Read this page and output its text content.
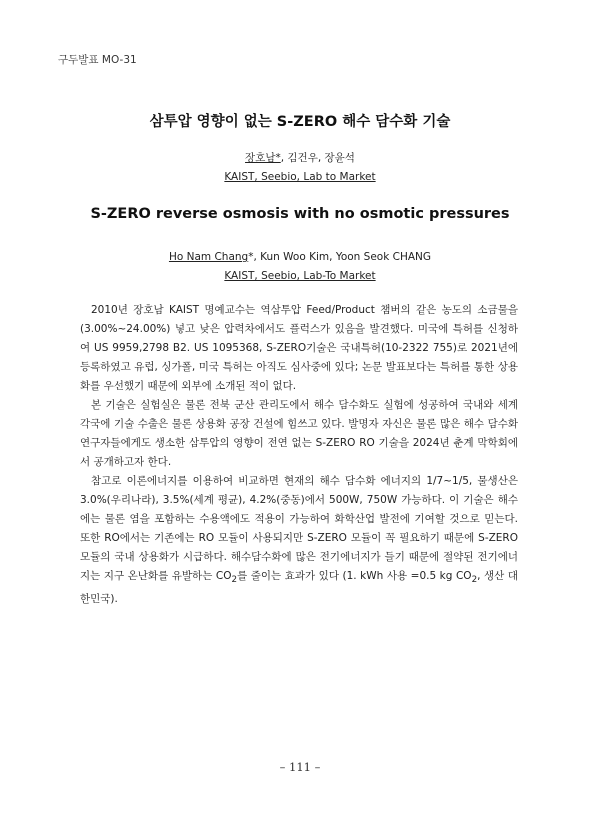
구두발표 MO-31
삼투압 영향이 없는 S-ZERO 해수 담수화 기술
장호남*, 김건우, 장윤석
KAIST, Seebio, Lab to Market
S-ZERO reverse osmosis with no osmotic pressures
Ho Nam Chang*, Kun Woo Kim, Yoon Seok CHANG
KAIST, Seebio, Lab-To Market

2010년 장호남 KAIST 명예교수는 역삼투압 Feed/Product 챔버의 같은 농도의 소금물을(3.00%~24.00%) 넣고 낮은 압력차에서도 플럭스가 있음을 발견했다. 미국에 특허를 신청하여 US 9959,2798 B2. US 1095368, S-ZERO기술은 국내특허(10-2322 755)로 2021년에 등록하였고 유럽, 싱가폴, 미국 특허는 아직도 심사중에 있다; 논문 발표보다는 특허를 통한 상용화를 우선했기 때문에 외부에 소개된 적이 없다.

본 기술은 실험실은 물론 전북 군산 관리도에서 해수 담수화도 실험에 성공하여 국내와 세계 각국에 기술 수출은 물론 상용화 공장 건설에 힘쓰고 있다. 발명자 자신은 물론 많은 해수 담수화 연구자들에게도 생소한 삼투압의 영향이 전연 없는 S-ZERO RO 기술을 2024년 춘계 막학회에서 공개하고자 한다.

참고로 이론에너지를 이용하여 비교하면 현재의 해수 담수화 에너지의 1/7~1/5, 물생산은 3.0%(우리나라), 3.5%(세계 평균), 4.2%(중동)에서 500W, 750W 가능하다. 이 기술은 해수에는 물론 염을 포함하는 수용액에도 적용이 가능하여 화학산업 발전에 기여할 것으로 믿는다. 또한 RO에서는 기존에는 RO 모듈이 사용되지만 S-ZERO 모듈이 꼭 필요하기 때문에 S-ZERO 모듈의 국내 상용화가 시급하다. 해수담수화에 많은 전기에너지가 들기 때문에 절약된 전기에너지는 지구 온난화를 유발하는 $CO_2$를 줄이는 효과가 있다 (1. kWh 사용 =0.5 kg $CO_2$, 생산 대한민국).

– 111 –
